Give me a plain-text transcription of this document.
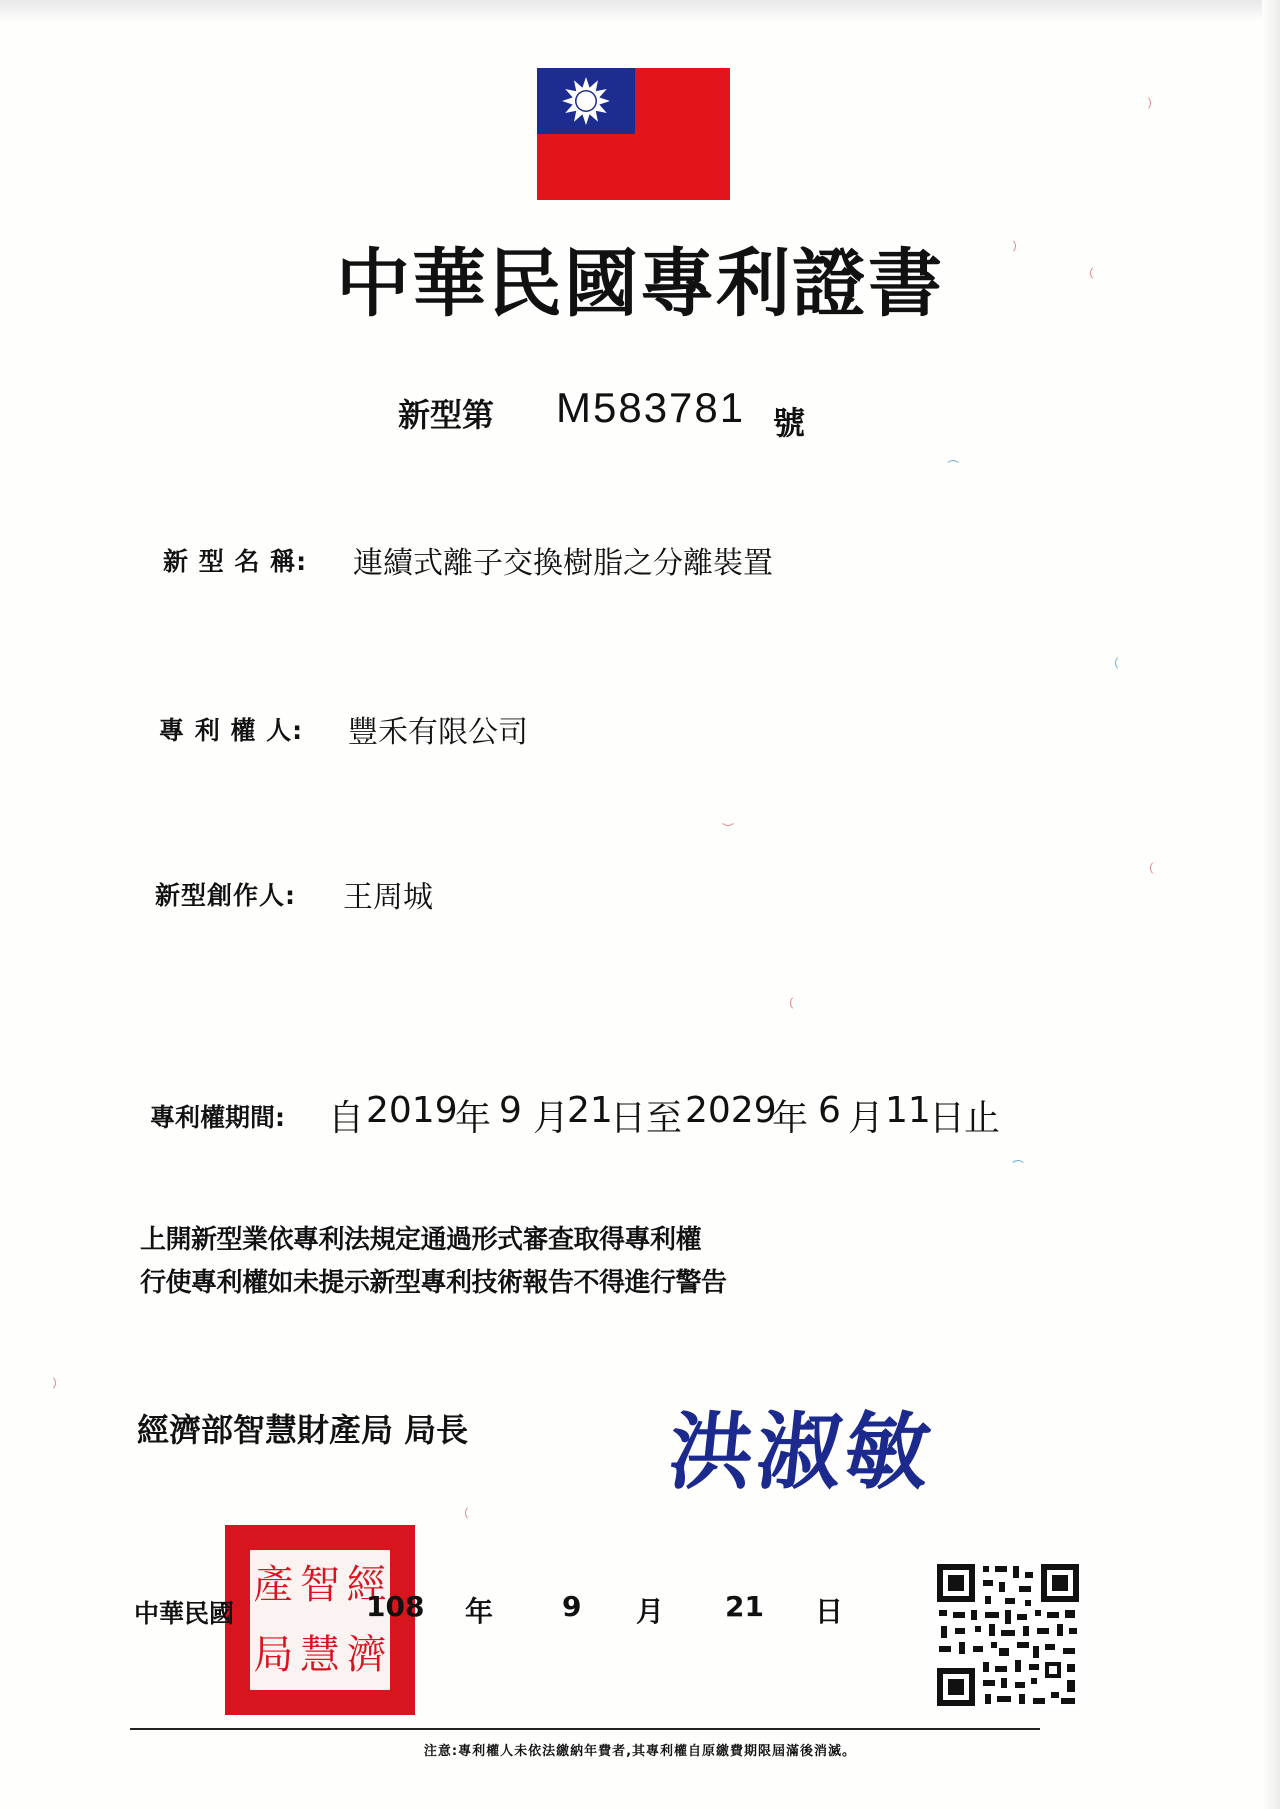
中華民國專利證書
新型第 M583781 號
新 型 名 稱: 連續式離子交換樹脂之分離裝置
專 利 權 人: 豐禾有限公司
新型創作人: 王周城
專利權期間: 自 2019
年 9 月
21
日 至 2029
年 6 月 11
日
止
上開新型業依專利法規定通過形式審查取得專利權
行使專利權如未提示新型專利技術報告不得進行警告
經濟部智慧財產局 局長 洪淑敏
產 智 經
局 慧 濟
中華民國	108 年 9 月 21 日
注意:專利權人未依法繳納年費者,其專利權自原繳費期限屆滿後消滅。
